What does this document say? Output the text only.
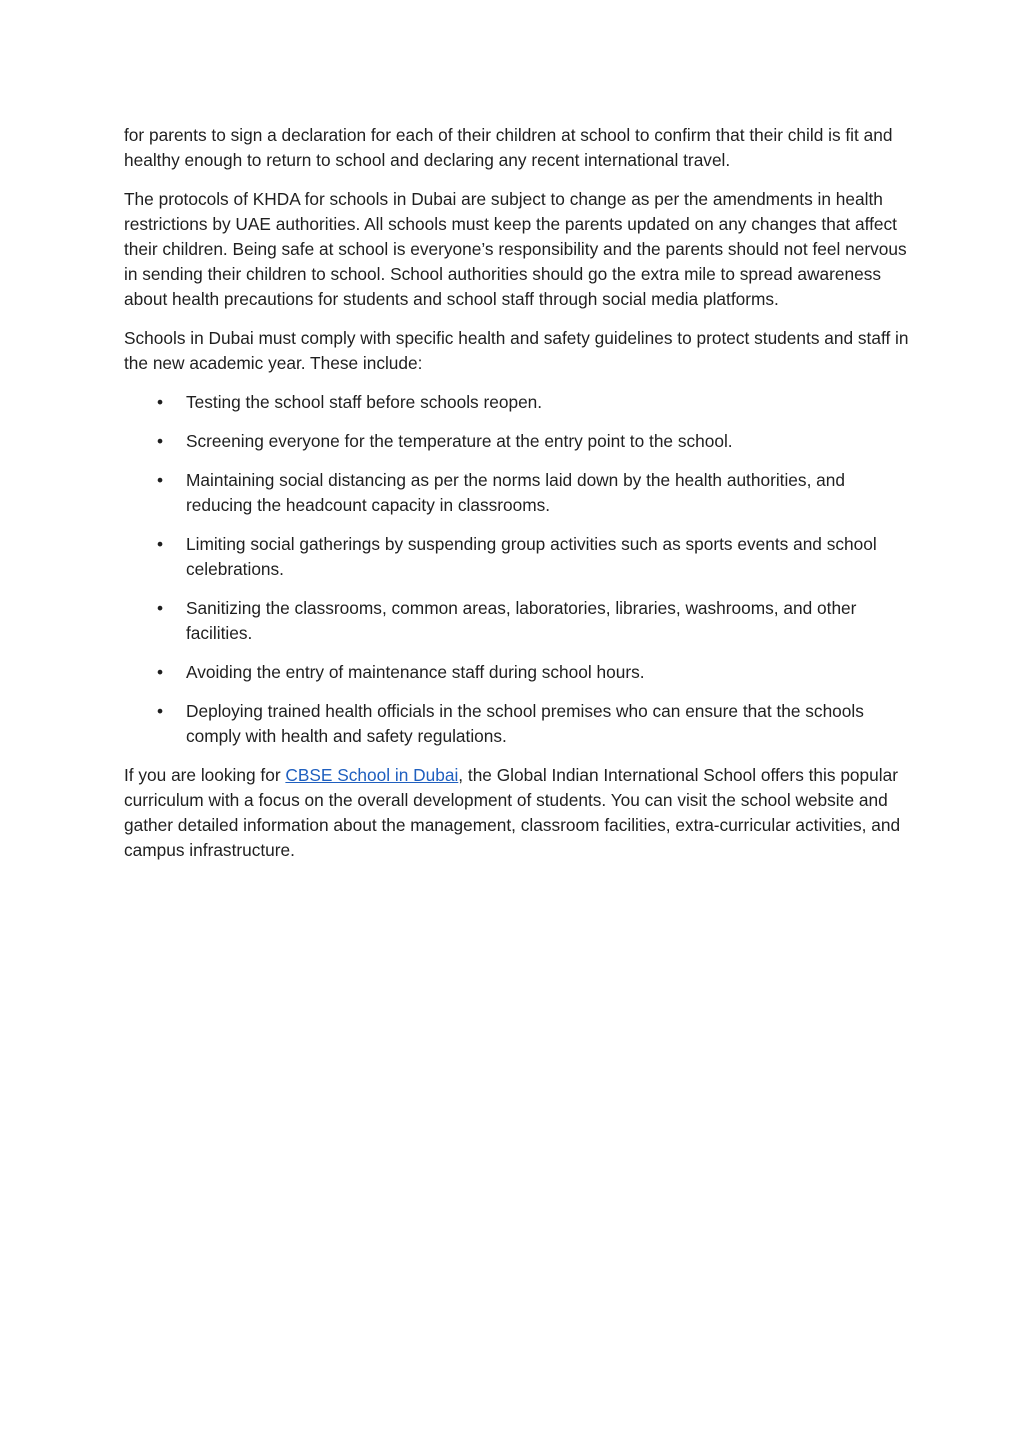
for parents to sign a declaration for each of their children at school to confirm that their child is fit and healthy enough to return to school and declaring any recent international travel.

The protocols of KHDA for schools in Dubai are subject to change as per the amendments in health restrictions by UAE authorities. All schools must keep the parents updated on any changes that affect their children. Being safe at school is everyone’s responsibility and the parents should not feel nervous in sending their children to school. School authorities should go the extra mile to spread awareness about health precautions for students and school staff through social media platforms.

Schools in Dubai must comply with specific health and safety guidelines to protect students and staff in the new academic year. These include:

• Testing the school staff before schools reopen.
• Screening everyone for the temperature at the entry point to the school.
• Maintaining social distancing as per the norms laid down by the health authorities, and reducing the headcount capacity in classrooms.
• Limiting social gatherings by suspending group activities such as sports events and school celebrations.
• Sanitizing the classrooms, common areas, laboratories, libraries, washrooms, and other facilities.
• Avoiding the entry of maintenance staff during school hours.
• Deploying trained health officials in the school premises who can ensure that the schools comply with health and safety regulations.

If you are looking for CBSE School in Dubai, the Global Indian International School offers this popular curriculum with a focus on the overall development of students. You can visit the school website and gather detailed information about the management, classroom facilities, extra-curricular activities, and campus infrastructure.
